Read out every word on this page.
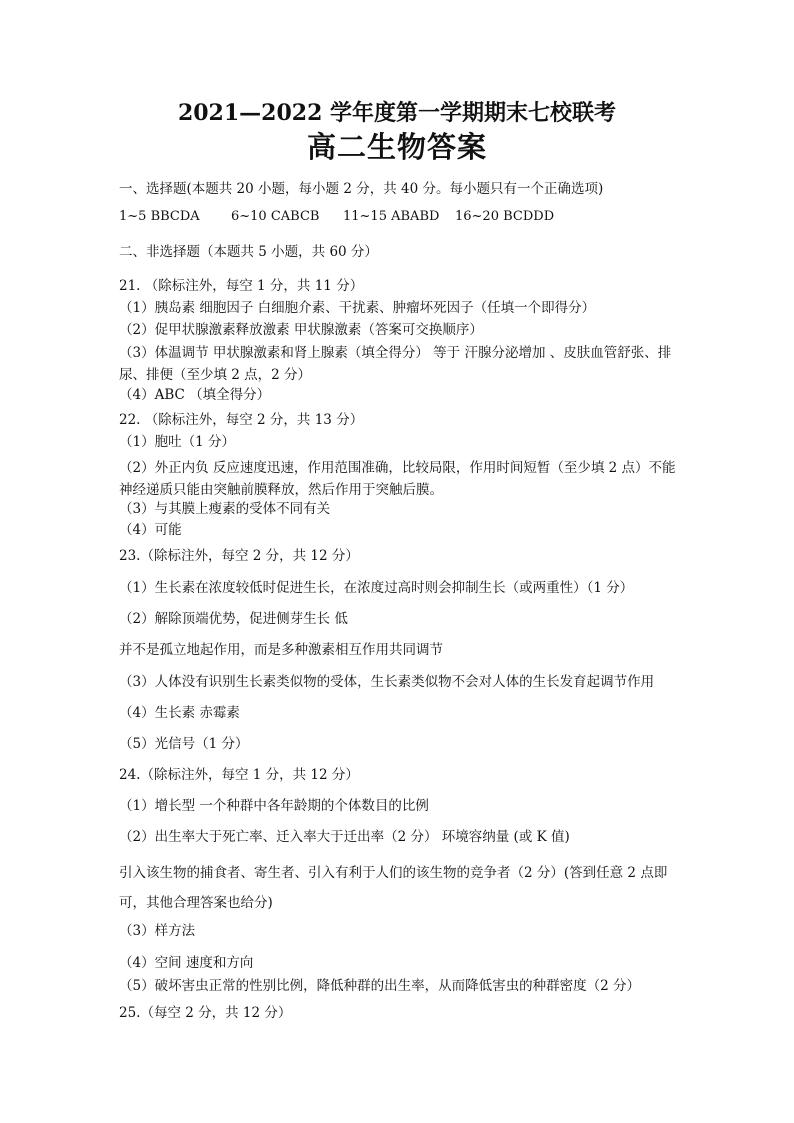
2021—2022 学年度第一学期期末七校联考
高二生物答案
一、选择题(本题共 20 小题，每小题 2 分，共 40 分。每小题只有一个正确选项)
1~5 BBCDA 6~10 CABCB 11~15 ABABD 16~20 BCDDD
二、非选择题（本题共 5 小题，共 60 分）
21. （除标注外，每空 1 分，共 11 分）
（1）胰岛素 细胞因子 白细胞介素、干扰素、肿瘤坏死因子（任填一个即得分）
（2）促甲状腺激素释放激素 甲状腺激素（答案可交换顺序）
（3）体温调节 甲状腺激素和肾上腺素（填全得分） 等于 汗腺分泌增加 、皮肤血管舒张、排尿、排便（至少填 2 点，2 分）
（4）ABC （填全得分）
22. （除标注外，每空 2 分，共 13 分）
（1）胞吐（1 分）
（2）外正内负 反应速度迅速，作用范围准确，比较局限，作用时间短暂（至少填 2 点）不能 神经递质只能由突触前膜释放，然后作用于突触后膜。
（3）与其膜上瘦素的受体不同有关
（4）可能
23.（除标注外，每空 2 分，共 12 分）
（1）生长素在浓度较低时促进生长，在浓度过高时则会抑制生长（或两重性）（1 分）
（2）解除顶端优势，促进侧芽生长 低
并不是孤立地起作用，而是多种激素相互作用共同调节
（3）人体没有识别生长素类似物的受体，生长素类似物不会对人体的生长发育起调节作用
（4）生长素 赤霉素
（5）光信号（1 分）
24.（除标注外，每空 1 分，共 12 分）
（1）增长型 一个种群中各年龄期的个体数目的比例
（2）出生率大于死亡率、迁入率大于迁出率（2 分） 环境容纳量 (或 K 值)
引入该生物的捕食者、寄生者、引入有利于人们的该生物的竞争者（2 分）(答到任意 2 点即可，其他合理答案也给分)
（3）样方法
（4）空间 速度和方向
（5）破坏害虫正常的性别比例，降低种群的出生率，从而降低害虫的种群密度（2 分）
25.（每空 2 分，共 12 分）
